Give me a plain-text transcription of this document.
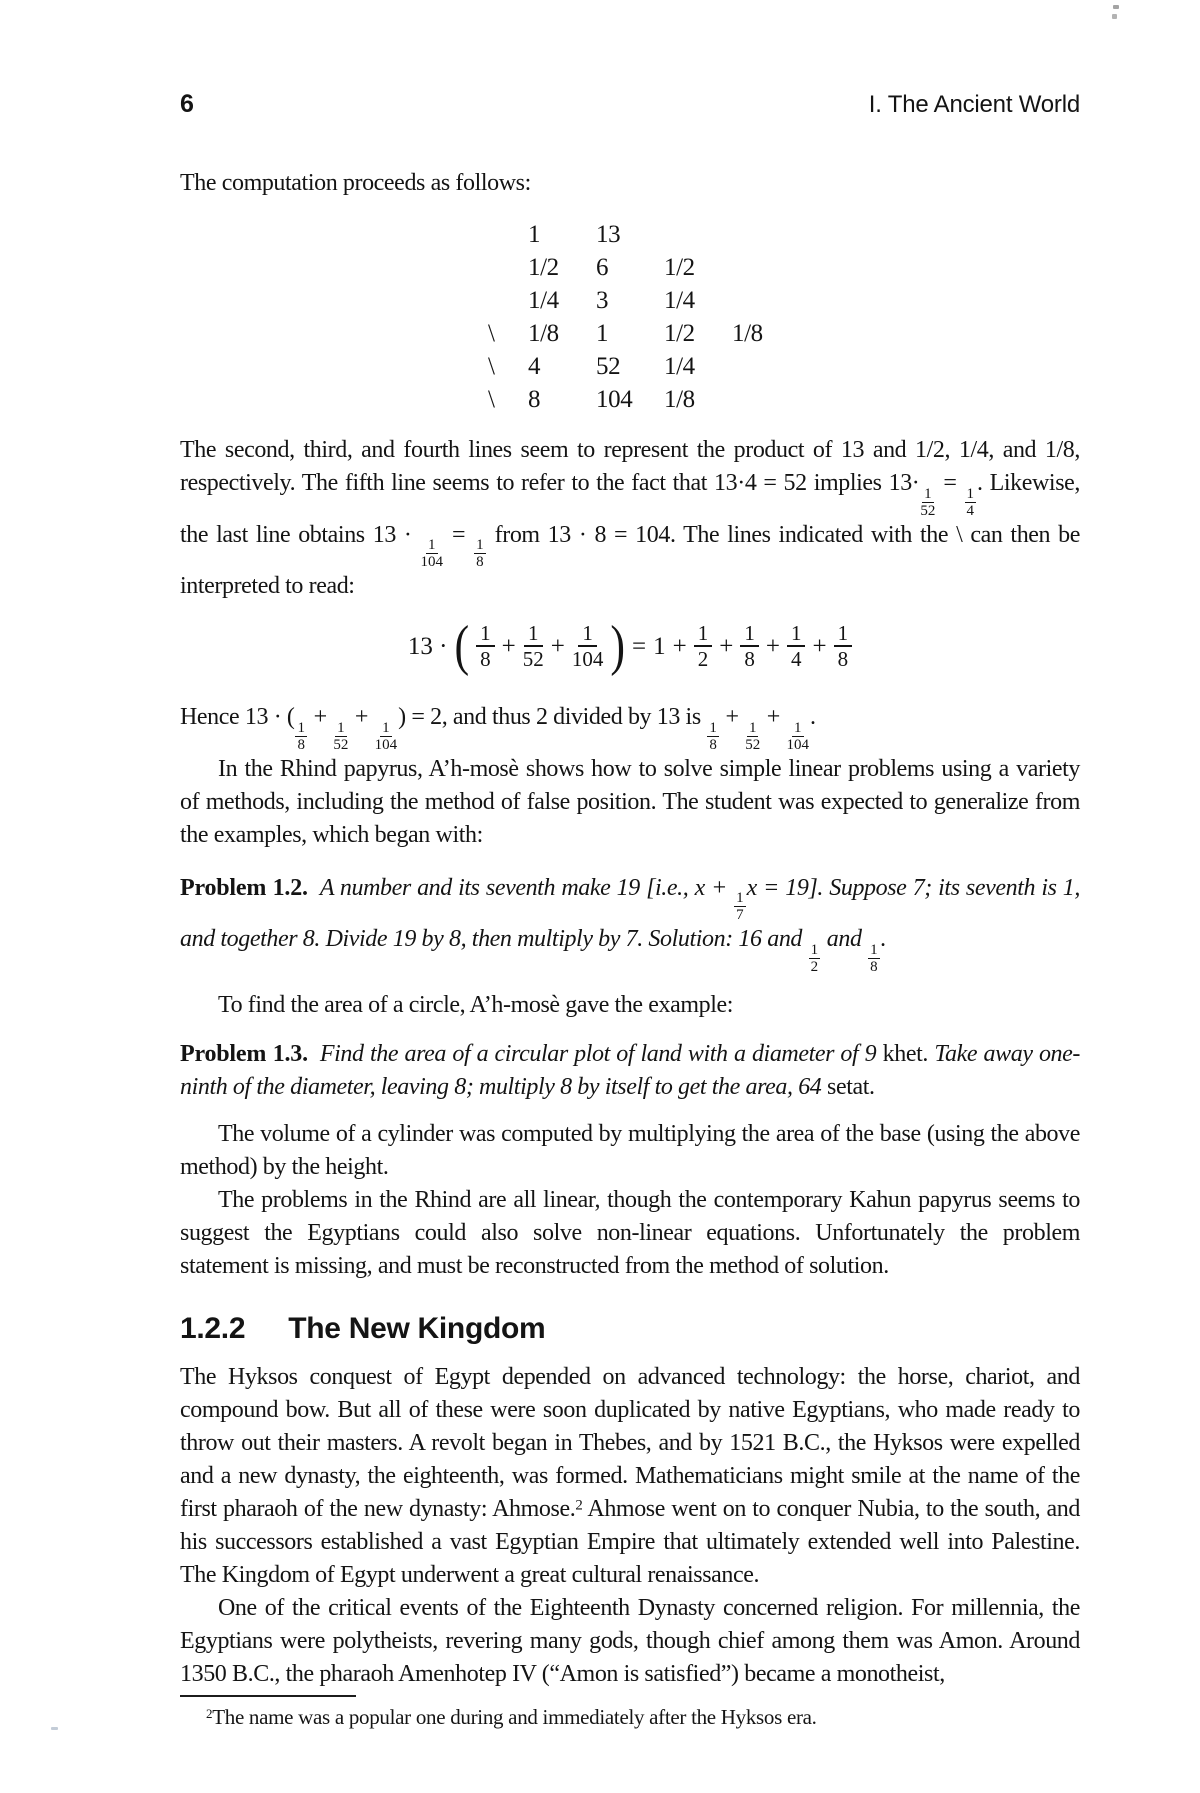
6	I. The Ancient World

The computation proceeds as follows:

1	13
1/2	6	1/2
1/4	3	1/4
\	1/8	1	1/2	1/8
\	4	52	1/4
\	8	104	1/8

The second, third, and fourth lines seem to represent the product of 13 and 1/2, 1/4, and 1/8, respectively. The fifth line seems to refer to the fact that 13·4 = 52 implies 13·
$\frac{1}{52}$
=
$\frac{1}{4}$
. Likewise, the last line obtains 13 ·
$\frac{1}{104}$
=
$\frac{1}{8}$
from 13 · 8 = 104. The lines indicated with the \ can then be interpreted to read:

13 · ( 1
$8 + \frac{1}{52} + \frac{1}{104}$ ) = $1 + \frac{1}{2} + \frac{1}{8} + \frac{1}{4} + \frac{1}{8}$

Hence 13 · (
$\frac{1}{8}$
+
$\frac{1}{52}$
+
$\frac{1}{104}$
) = 2, and thus 2 divided by 13 is
$\frac{1}{8}$
+
$\frac{1}{52}$
+
$\frac{1}{104}$
.

In the Rhind papyrus, A’h-mosè shows how to solve simple linear problems using a variety of methods, including the method of false position. The student was expected to generalize from the examples, which began with:

Problem 1.2. A number and its seventh make 19 [i.e., x +
$\frac{1}{7}$
x = 19]. Suppose 7; its seventh is 1, and together 8. Divide 19 by 8, then multiply by 7. Solution: 16 and
$\frac{1}{2}$
and
$\frac{1}{8}$
.

To find the area of a circle, A’h-mosè gave the example:

Problem 1.3. Find the area of a circular plot of land with a diameter of 9 khet. Take away one-ninth of the diameter, leaving 8; multiply 8 by itself to get the area, 64 setat.

The volume of a cylinder was computed by multiplying the area of the base (using the above method) by the height.

The problems in the Rhind are all linear, though the contemporary Kahun papyrus seems to suggest the Egyptians could also solve non-linear equations. Unfortunately the problem statement is missing, and must be reconstructed from the method of solution.

1.2.2 The New Kingdom

The Hyksos conquest of Egypt depended on advanced technology: the horse, chariot, and compound bow. But all of these were soon duplicated by native Egyptians, who made ready to throw out their masters. A revolt began in Thebes, and by 1521 B.C., the Hyksos were expelled and a new dynasty, the eighteenth, was formed. Mathematicians might smile at the name of the first pharaoh of the new dynasty: Ahmose.$^2$ Ahmose went on to conquer Nubia, to the south, and his successors established a vast Egyptian Empire that ultimately extended well into Palestine. The Kingdom of Egypt underwent a great cultural renaissance.

One of the critical events of the Eighteenth Dynasty concerned religion. For millennia, the Egyptians were polytheists, revering many gods, though chief among them was Amon. Around 1350 B.C., the pharaoh Amenhotep IV (“Amon is satisfied”) became a monotheist,

$^2$The name was a popular one during and immediately after the Hyksos era.
